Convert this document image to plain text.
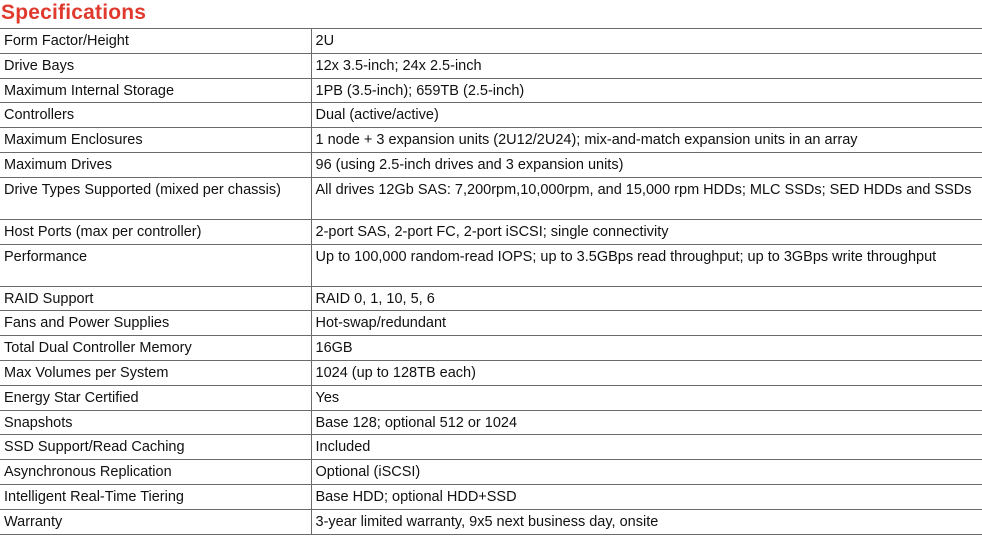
Specifications
Form Factor/Height	2U
Drive Bays	12x 3.5-inch; 24x 2.5-inch
Maximum Internal Storage	1PB (3.5-inch); 659TB (2.5-inch)
Controllers	Dual (active/active)
Maximum Enclosures	1 node + 3 expansion units (2U12/2U24); mix-and-match expansion units in an array
Maximum Drives	96 (using 2.5-inch drives and 3 expansion units)
Drive Types Supported (mixed per chassis)	All drives 12Gb SAS: 7,200rpm,10,000rpm, and 15,000 rpm HDDs; MLC SSDs; SED HDDs and SSDs
Host Ports (max per controller)	2-port SAS, 2-port FC, 2-port iSCSI; single connectivity
Performance	Up to 100,000 random-read IOPS; up to 3.5GBps read throughput; up to 3GBps write throughput
RAID Support	RAID 0, 1, 10, 5, 6
Fans and Power Supplies	Hot-swap/redundant
Total Dual Controller Memory	16GB
Max Volumes per System	1024 (up to 128TB each)
Energy Star Certified	Yes
Snapshots	Base 128; optional 512 or 1024
SSD Support/Read Caching	Included
Asynchronous Replication	Optional (iSCSI)
Intelligent Real-Time Tiering	Base HDD; optional HDD+SSD
Warranty	3-year limited warranty, 9x5 next business day, onsite
